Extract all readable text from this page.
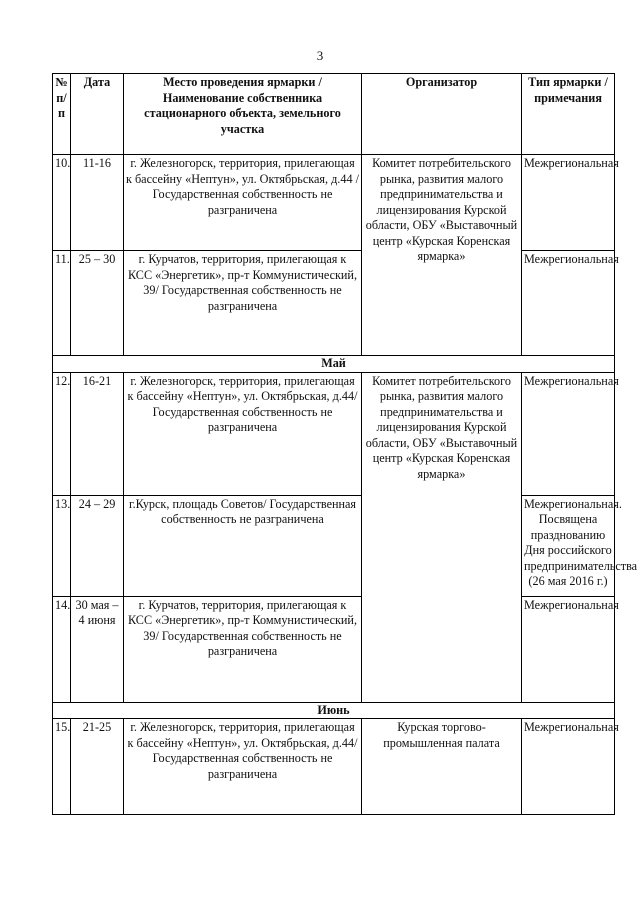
3
№ п/п	Дата	Место проведения ярмарки / Наименование собственника стационарного объекта, земельного участка	Организатор	Тип ярмарки / примечания
10.	11-16	г. Железногорск, территория, прилегающая к бассейну «Нептун», ул. Октябрьская, д.44 / Государственная собственность не разграничена	Комитет потребительского рынка, развития малого предпринимательства и лицензирования Курской области, ОБУ «Выставочный центр «Курская Коренская ярмарка»	Межрегиональная
11.	25 – 30	г. Курчатов, территория, прилегающая к КСС «Энергетик», пр-т Коммунистический, 39/ Государственная собственность не разграничена		Межрегиональная
Май				
12.	16-21	г. Железногорск, территория, прилегающая к бассейну «Нептун», ул. Октябрьская, д.44/ Государственная собственность не разграничена	Комитет потребительского рынка, развития малого предпринимательства и лицензирования Курской области, ОБУ «Выставочный центр «Курская Коренская ярмарка»	Межрегиональная
13.	24 – 29	г.Курск, площадь Советов/ Государственная собственность не разграничена		Межрегиональная. Посвящена празднованию Дня российского предпринимательства (26 мая 2016 г.)
14.	30 мая – 4 июня	г. Курчатов, территория, прилегающая к КСС «Энергетик», пр-т Коммунистический, 39/ Государственная собственность не разграничена		Межрегиональная
Июнь				
15.	21-25	г. Железногорск, территория, прилегающая к бассейну «Нептун», ул. Октябрьская, д.44/ Государственная собственность не разграничена	Курская торгово-промышленная палата	Межрегиональная
